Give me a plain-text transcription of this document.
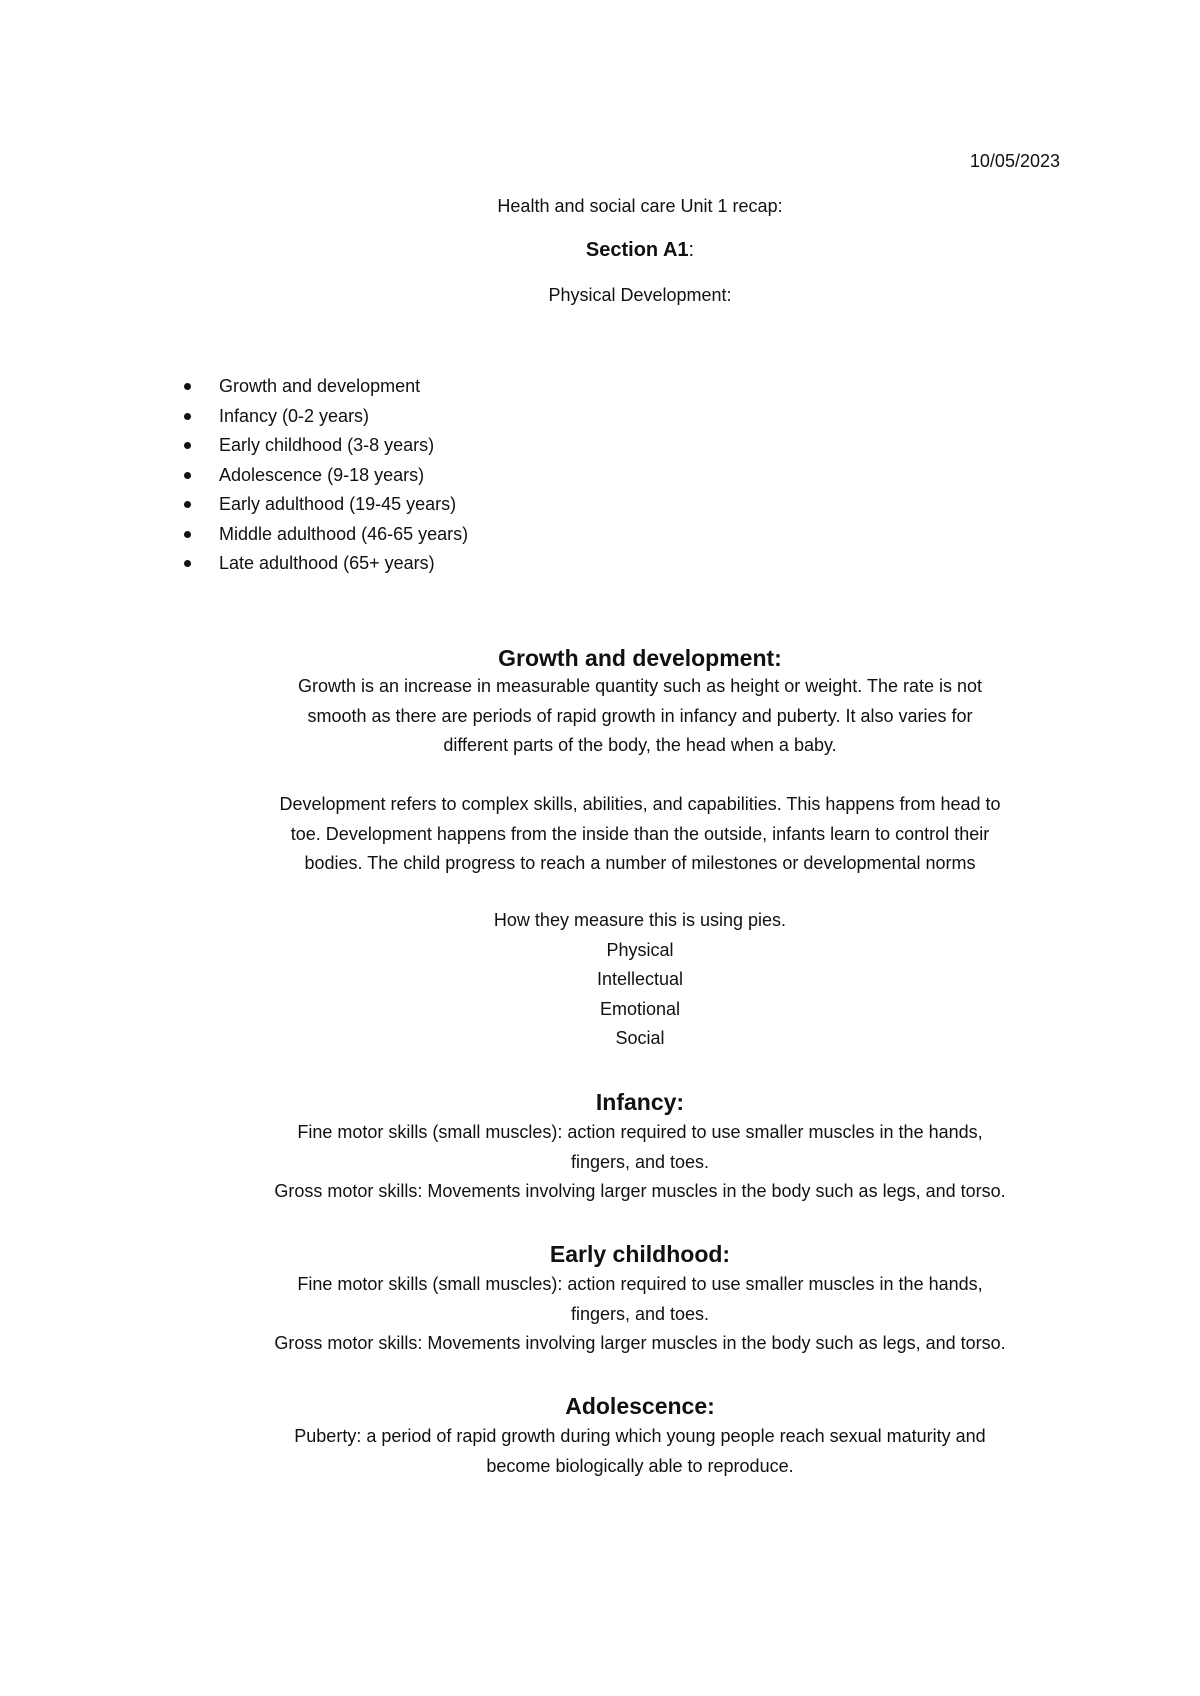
10/05/2023
Health and social care Unit 1 recap:
Section A1:
Physical Development:
Growth and development
Infancy (0-2 years)
Early childhood (3-8 years)
Adolescence (9-18 years)
Early adulthood (19-45 years)
Middle adulthood (46-65 years)
Late adulthood (65+ years)
Growth and development:

Growth is an increase in measurable quantity such as height or weight. The rate is not

smooth as there are periods of rapid growth in infancy and puberty. It also varies for

different parts of the body, the head when a baby.

Development refers to complex skills, abilities, and capabilities. This happens from head to

toe. Development happens from the inside than the outside, infants learn to control their

bodies. The child progress to reach a number of milestones or developmental norms

How they measure this is using pies.

Physical

Intellectual

Emotional

Social

Infancy:

Fine motor skills (small muscles): action required to use smaller muscles in the hands,

fingers, and toes.

Gross motor skills: Movements involving larger muscles in the body such as legs, and torso.

Early childhood:

Fine motor skills (small muscles): action required to use smaller muscles in the hands,

fingers, and toes.

Gross motor skills: Movements involving larger muscles in the body such as legs, and torso.

Adolescence:

Puberty: a period of rapid growth during which young people reach sexual maturity and

become biologically able to reproduce.
